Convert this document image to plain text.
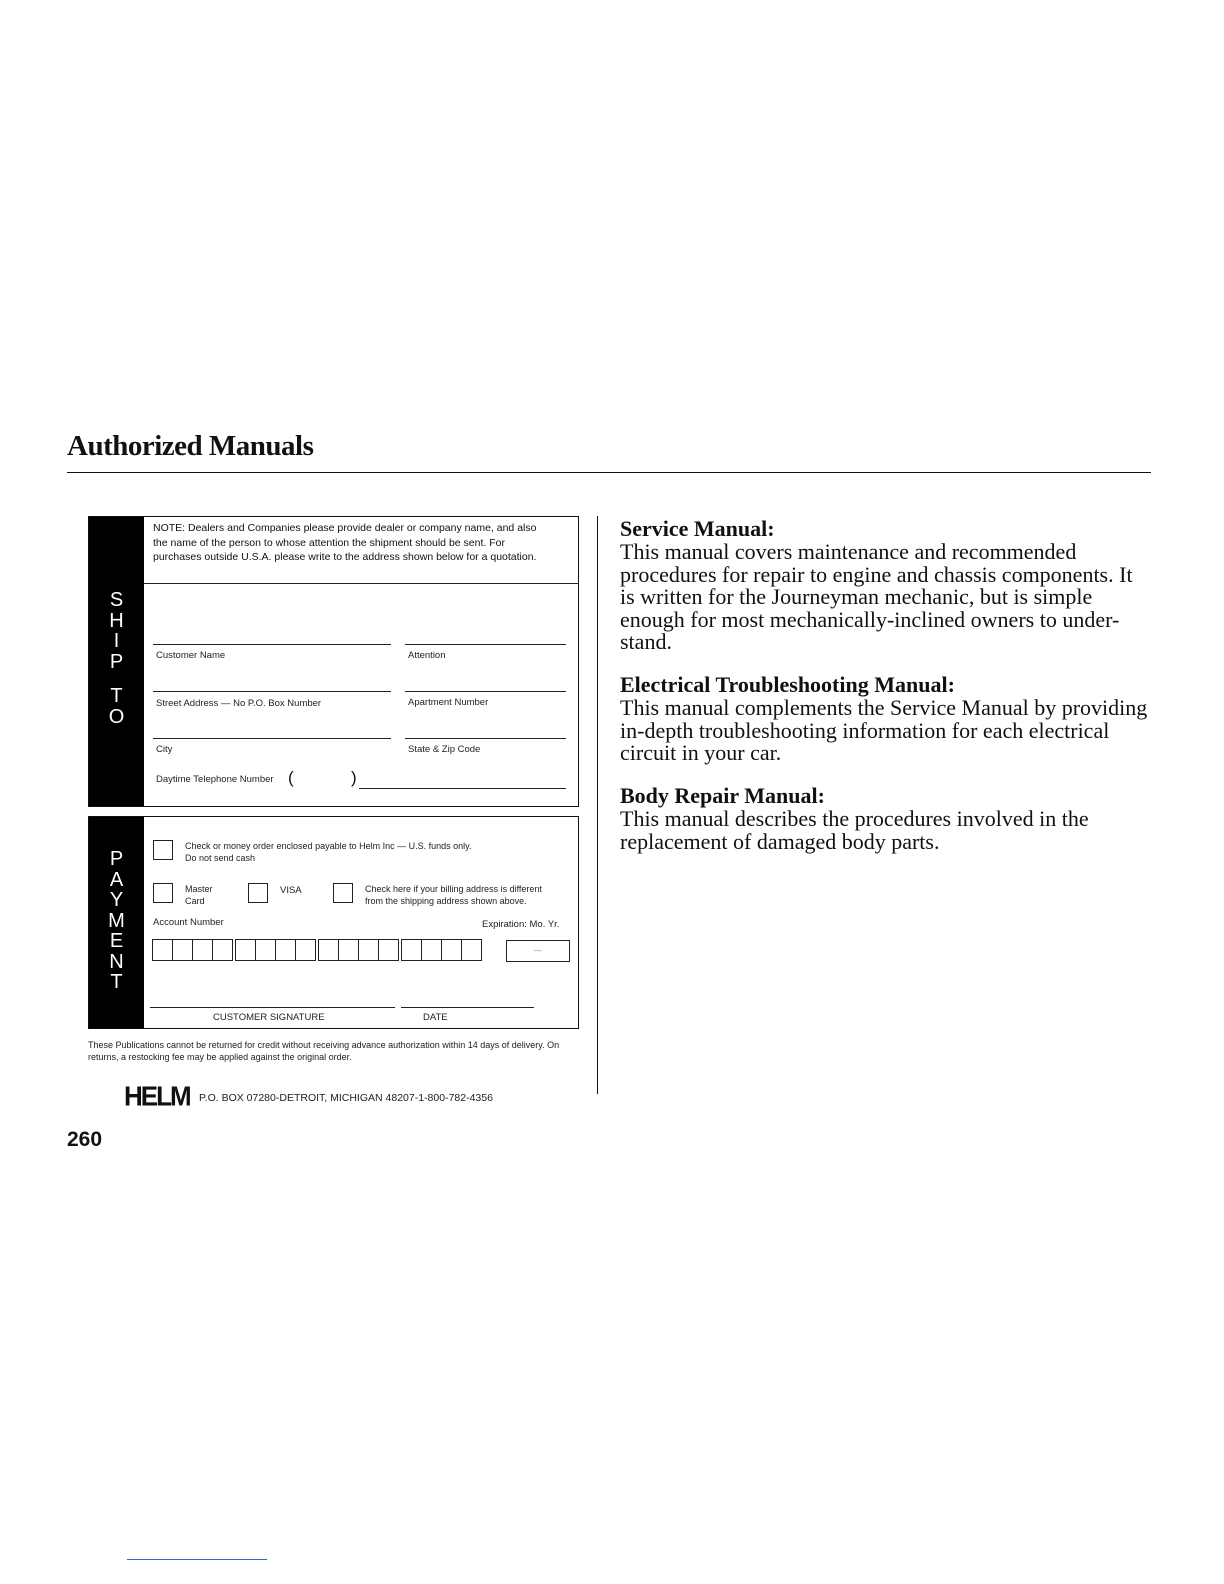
Authorized Manuals
S
H
I
P
T
O
NOTE: Dealers and Companies please provide dealer or company name, and also the name of the person to whose attention the shipment should be sent. For purchases outside U.S.A. please write to the address shown below for a quotation.
Customer Name	Attention
Street Address — No P.O. Box Number	Apartment Number
City	State & Zip Code
Daytime Telephone Number (	)
P
A
Y
M
E
N
T
Check or money order enclosed payable to Helm Inc — U.S. funds only.
Do not send cash
Master
Card
VISA	Check here if your billing address is different
from the shipping address shown above.
Account Number	Expiration: Mo. Yr.
—
CUSTOMER SIGNATURE	DATE
These Publications cannot be returned for credit without receiving advance authorization within 14 days of delivery. On returns, a restocking fee may be applied against the original order.
HELM P.O. BOX 07280-DETROIT, MICHIGAN 48207-1-800-782-4356
260
Service Manual:

This manual covers maintenance and recommended procedures for repair to engine and chassis components. It is written for the Journeyman mechanic, but is simple enough for most mechanically-inclined owners to under-stand.

Electrical Troubleshooting Manual:

This manual complements the Service Manual by providing in-depth troubleshooting information for each electrical circuit in your car.

Body Repair Manual:

This manual describes the procedures involved in the replacement of damaged body parts.
